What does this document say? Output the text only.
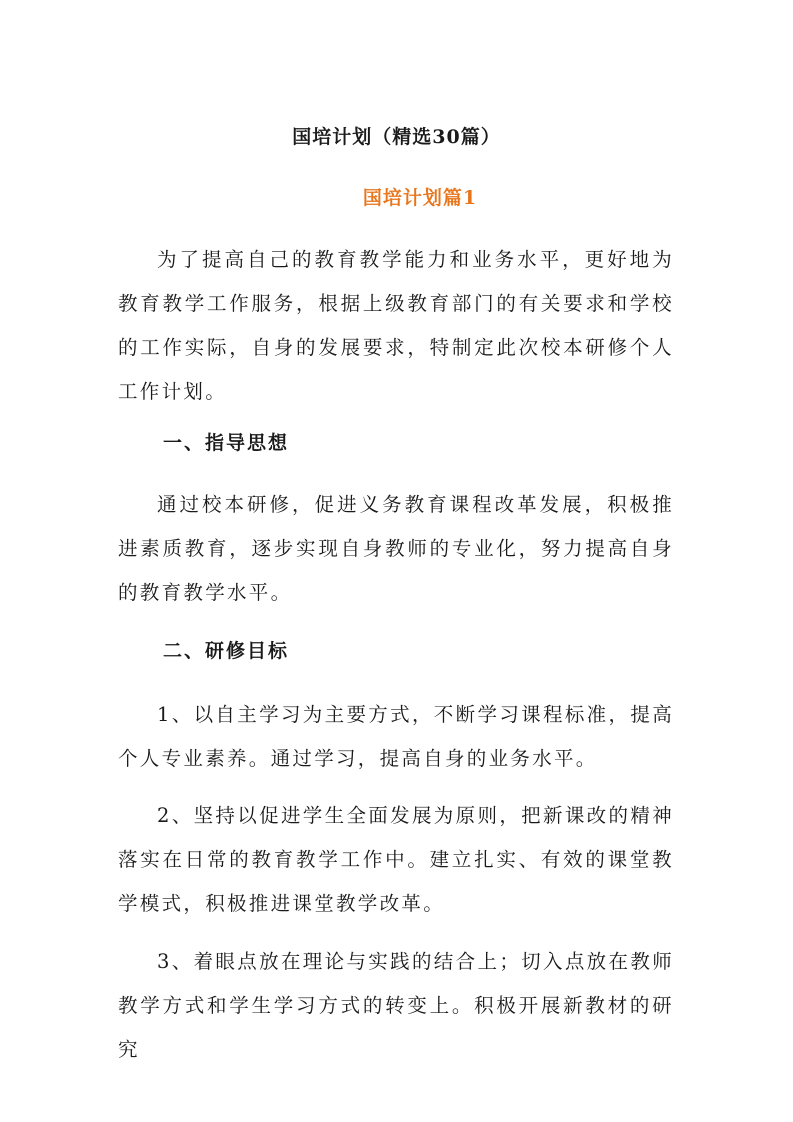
国培计划（精选30篇）
国培计划篇1

为了提高自己的教育教学能力和业务水平，更好地为教育教学工作服务，根据上级教育部门的有关要求和学校的工作实际，自身的发展要求，特制定此次校本研修个人工作计划。

一、指导思想

通过校本研修，促进义务教育课程改革发展，积极推进素质教育，逐步实现自身教师的专业化，努力提高自身的教育教学水平。

二、研修目标

1、以自主学习为主要方式，不断学习课程标准，提高个人专业素养。通过学习，提高自身的业务水平。

2、坚持以促进学生全面发展为原则，把新课改的精神落实在日常的教育教学工作中。建立扎实、有效的课堂教学模式，积极推进课堂教学改革。

3、着眼点放在理论与实践的结合上；切入点放在教师教学方式和学生学习方式的转变上。积极开展新教材的研究
